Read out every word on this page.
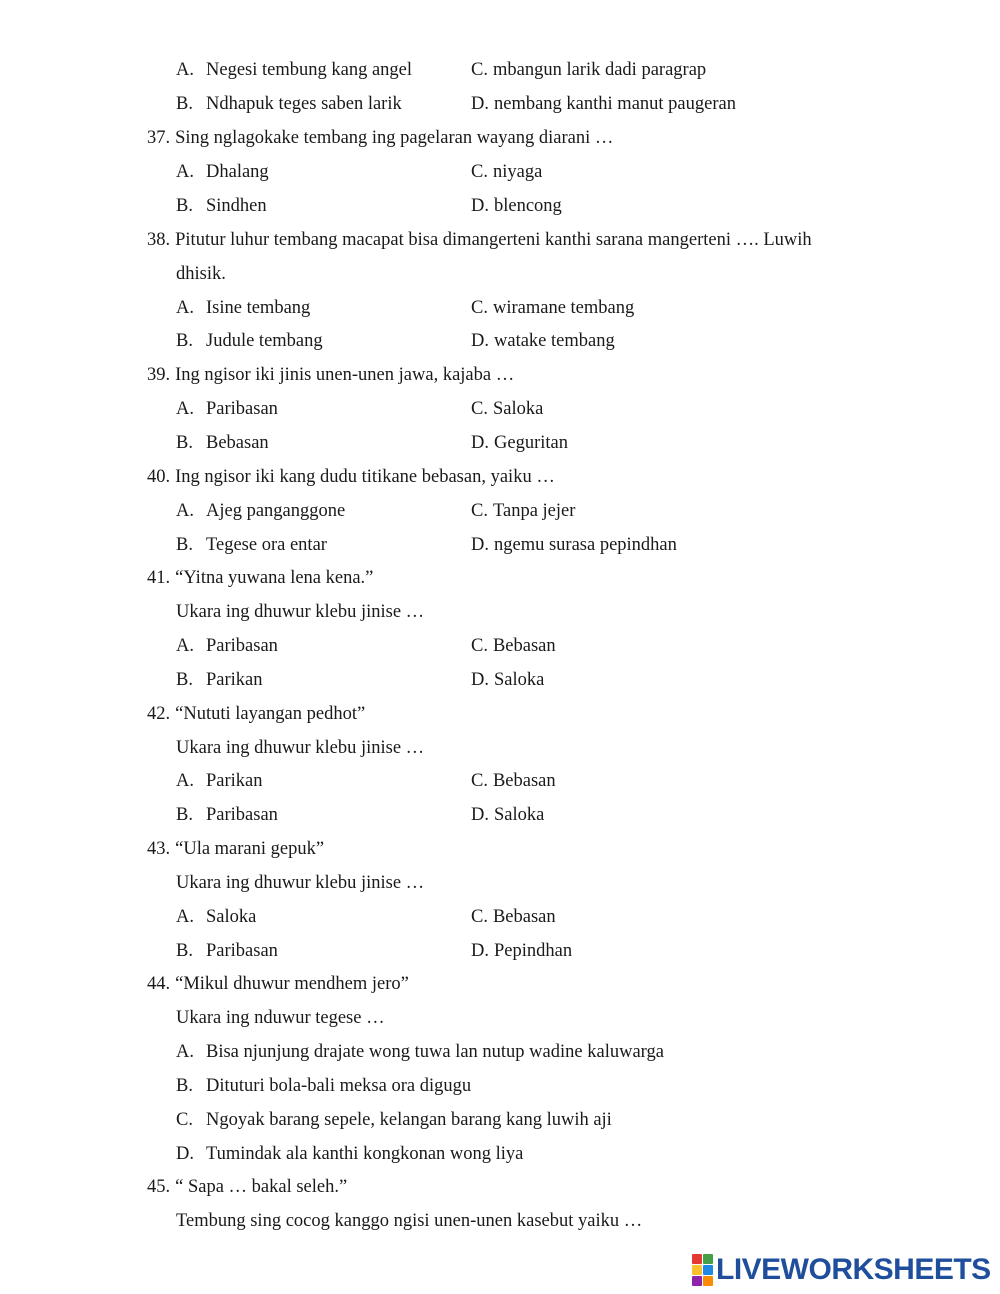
A. Negesi tembung kang angel	C. mbangun larik dadi paragrap
B. Ndhapuk teges saben larik	D. nembang kanthi manut paugeran
37. Sing nglagokake tembang ing pagelaran wayang diarani …
A. Dhalang	C. niyaga
B. Sindhen	D. blencong
38. Pitutur luhur tembang macapat bisa dimangerteni kanthi sarana mangerteni …. Luwih
dhisik.
A. Isine tembang	C. wiramane tembang
B. Judule tembang	D. watake tembang
39. Ing ngisor iki jinis unen-unen jawa, kajaba …
A. Paribasan	C. Saloka
B. Bebasan	D. Geguritan
40. Ing ngisor iki kang dudu titikane bebasan, yaiku …
A. Ajeg panganggone	C. Tanpa jejer
B. Tegese ora entar	D. ngemu surasa pepindhan
41. “Yitna yuwana lena kena.”
Ukara ing dhuwur klebu jinise …
A. Paribasan	C. Bebasan
B. Parikan	D. Saloka
42. “Nututi layangan pedhot”
Ukara ing dhuwur klebu jinise …
A. Parikan	C. Bebasan
B. Paribasan	D. Saloka
43. “Ula marani gepuk”
Ukara ing dhuwur klebu jinise …
A. Saloka	C. Bebasan
B. Paribasan	D. Pepindhan
44. “Mikul dhuwur mendhem jero”
Ukara ing nduwur tegese …
A. Bisa njunjung drajate wong tuwa lan nutup wadine kaluwarga
B. Dituturi bola-bali meksa ora digugu
C. Ngoyak barang sepele, kelangan barang kang luwih aji
D. Tumindak ala kanthi kongkonan wong liya
45. “ Sapa … bakal seleh.”
Tembung sing cocog kanggo ngisi unen-unen kasebut yaiku …
LIVEWORKSHEETS
